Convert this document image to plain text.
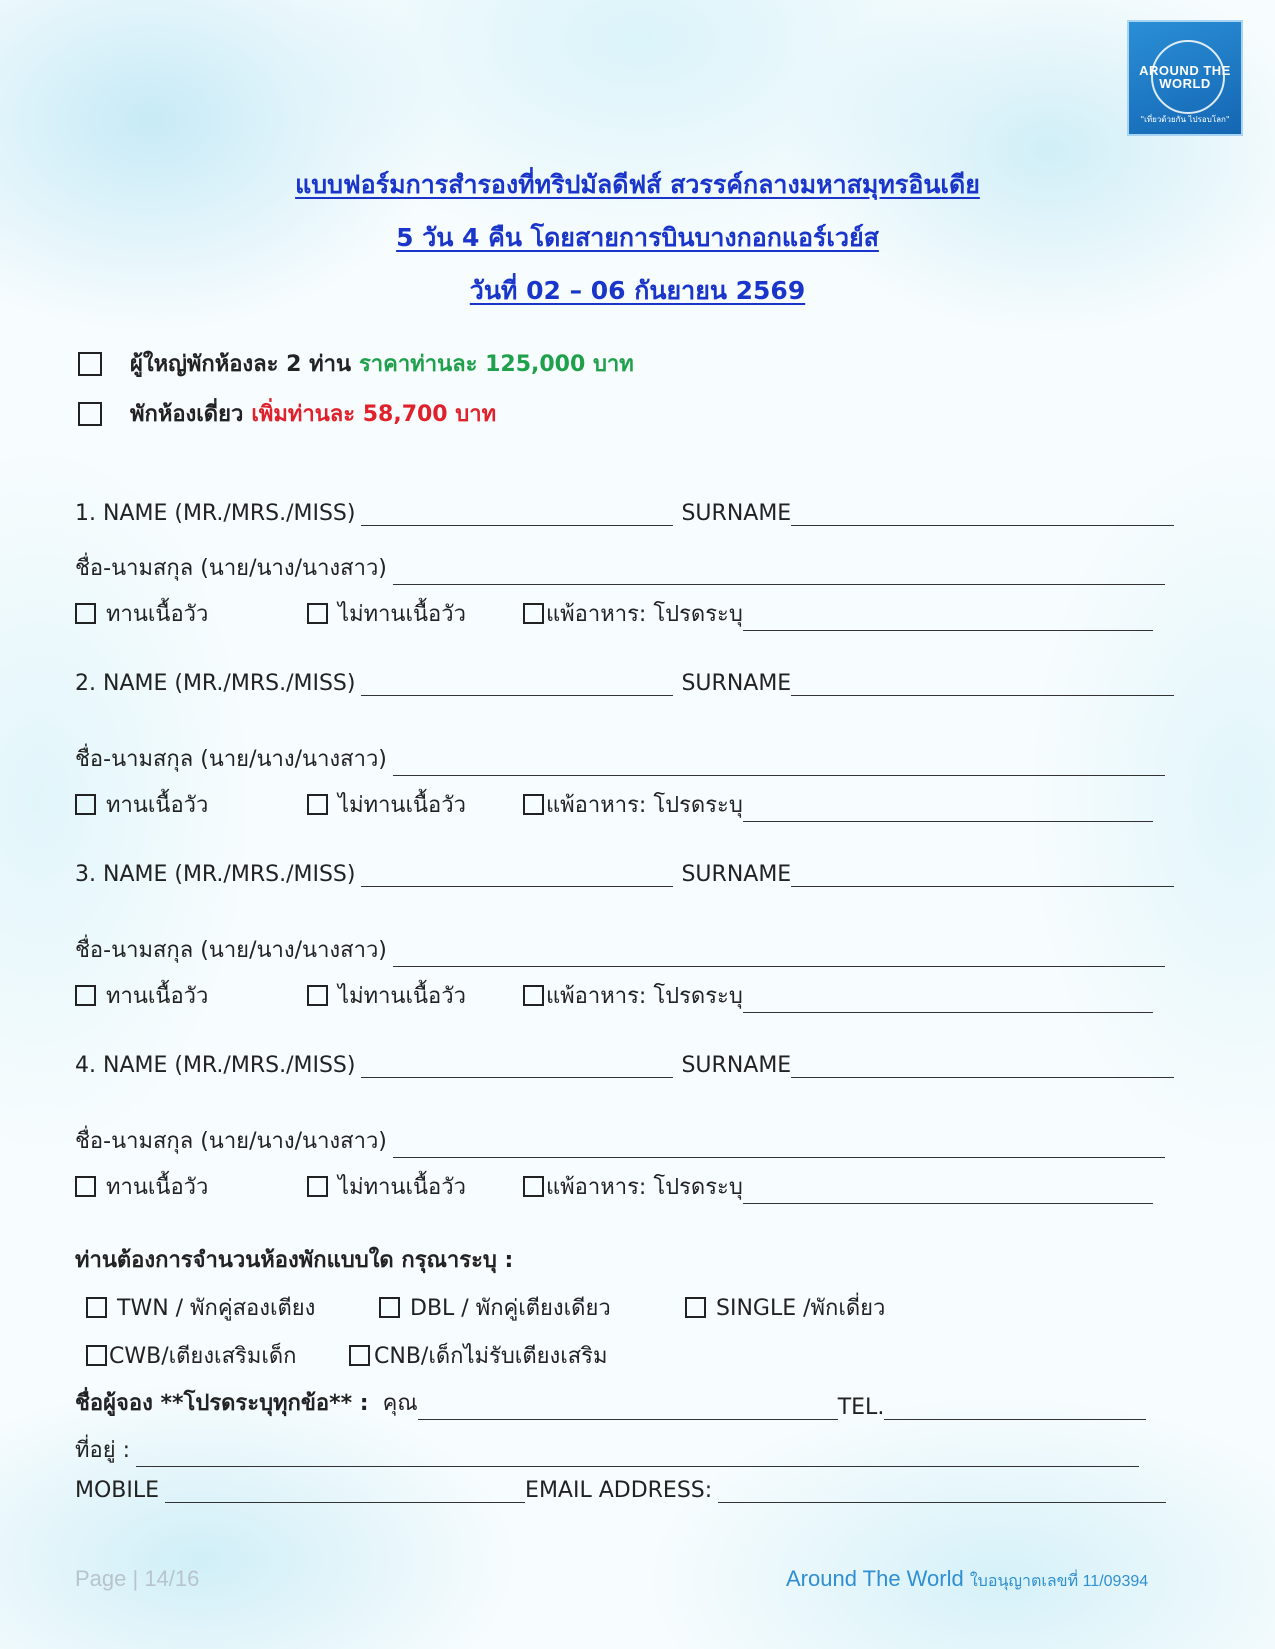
AROUND THE WORLD
"เที่ยวด้วยกัน ไปรอบโลก"
แบบฟอร์มการสำรองที่ทริปมัลดีฟส์ สวรรค์กลางมหาสมุทรอินเดีย
5 วัน 4 คืน โดยสายการบินบางกอกแอร์เวย์ส
วันที่ 02 – 06 กันยายน 2569
ผู้ใหญ่พักห้องละ 2 ท่าน ราคาท่านละ 125,000 บาท
พักห้องเดี่ยว เพิ่มท่านละ 58,700 บาท
1. NAME (MR./MRS./MISS)	SURNAME
ชื่อ-นามสกุล (นาย/นาง/นางสาว)
ทานเนื้อวัว	ไม่ทานเนื้อวัว	แพ้อาหาร: โปรดระบุ
2. NAME (MR./MRS./MISS)	SURNAME
ชื่อ-นามสกุล (นาย/นาง/นางสาว)
ทานเนื้อวัว	ไม่ทานเนื้อวัว	แพ้อาหาร: โปรดระบุ
3. NAME (MR./MRS./MISS)	SURNAME
ชื่อ-นามสกุล (นาย/นาง/นางสาว)
ทานเนื้อวัว	ไม่ทานเนื้อวัว	แพ้อาหาร: โปรดระบุ
4. NAME (MR./MRS./MISS)	SURNAME
ชื่อ-นามสกุล (นาย/นาง/นางสาว)
ทานเนื้อวัว	ไม่ทานเนื้อวัว	แพ้อาหาร: โปรดระบุ
ท่านต้องการจำนวนห้องพักแบบใด กรุณาระบุ :
TWN / พักคู่สองเตียง	DBL / พักคู่เตียงเดียว	SINGLE /พักเดี่ยว
CWB/เตียงเสริมเด็ก	CNB/เด็กไม่รับเตียงเสริม
ชื่อผู้จอง **โปรดระบุทุกข้อ** : คุณ	TEL.
ที่อยู่ :
MOBILE	EMAIL ADDRESS:
Page | 14/16	Around The World ใบอนุญาตเลขที่ 11/09394
